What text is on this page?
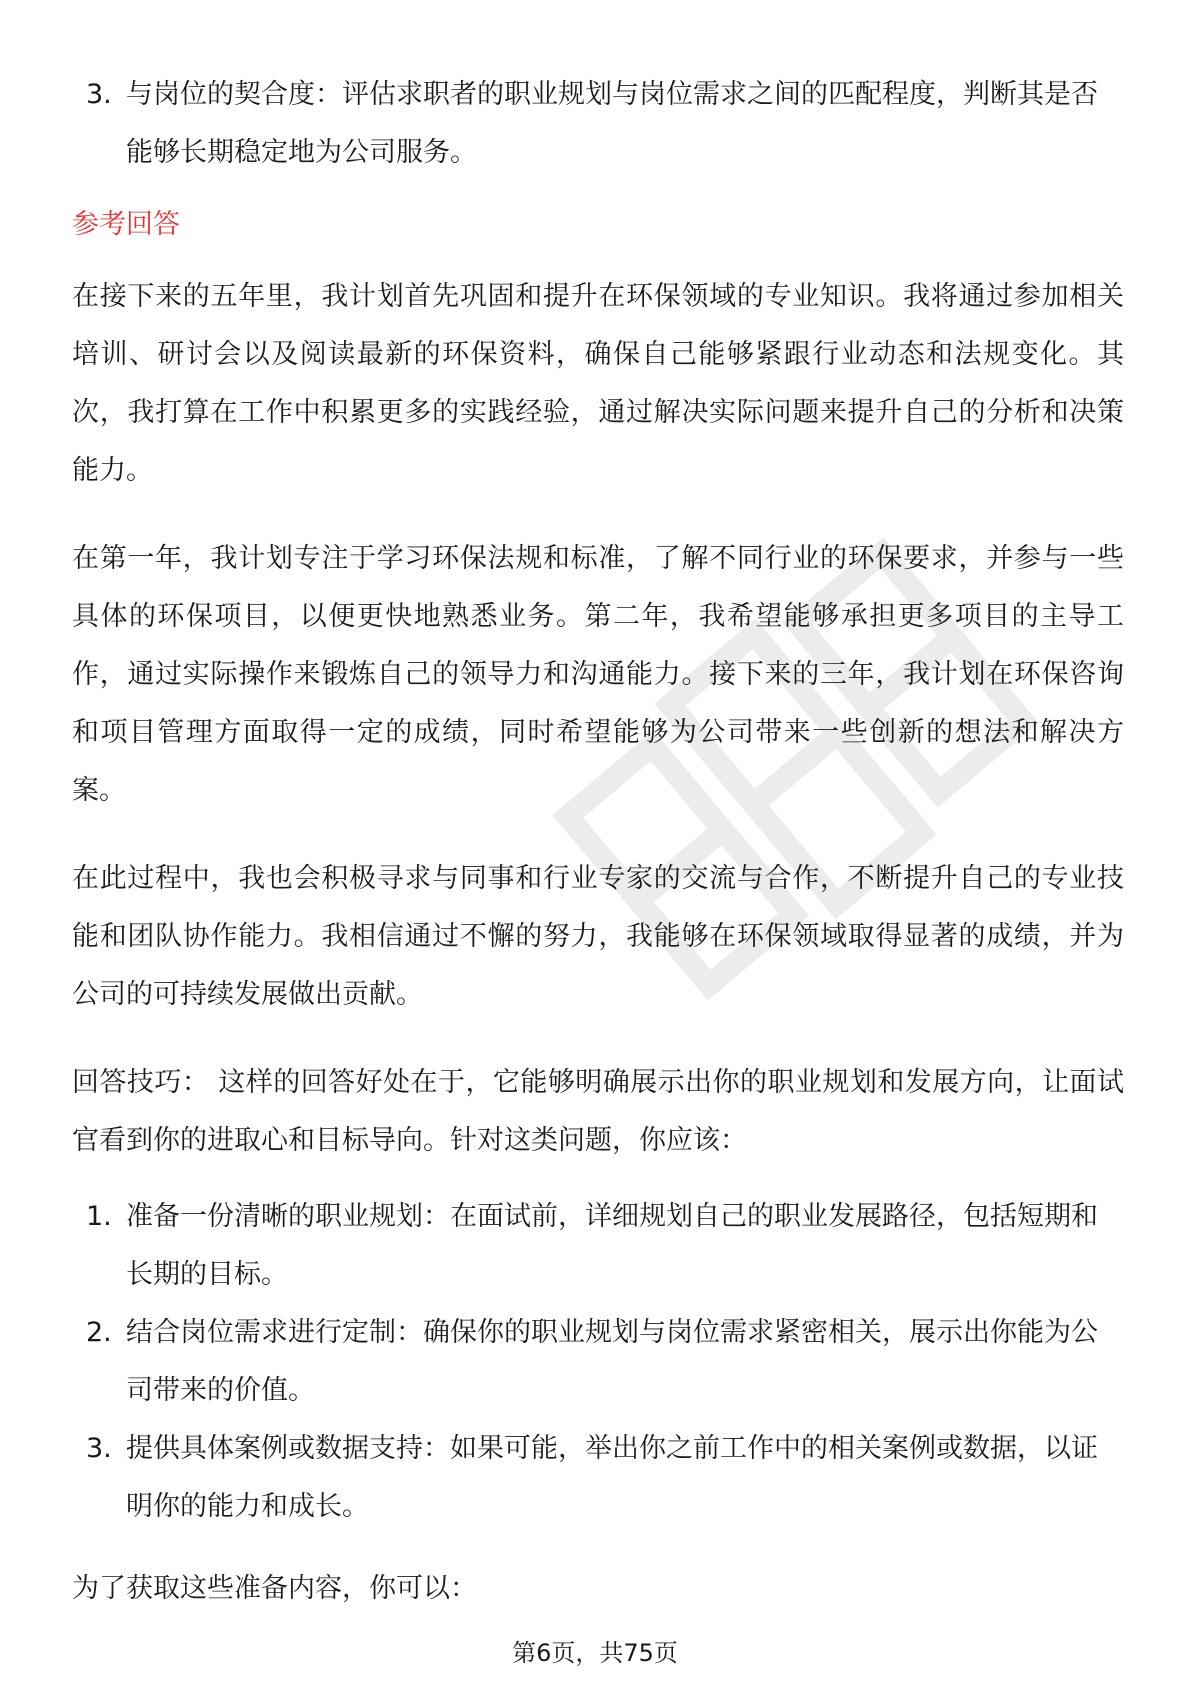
3. 与岗位的契合度：评估求职者的职业规划与岗位需求之间的匹配程度，判断其是否能够长期稳定地为公司服务。
参考回答

在接下来的五年里，我计划首先巩固和提升在环保领域的专业知识。我将通过参加相关培训、研讨会以及阅读最新的环保资料，确保自己能够紧跟行业动态和法规变化。其次，我打算在工作中积累更多的实践经验，通过解决实际问题来提升自己的分析和决策能力。

在第一年，我计划专注于学习环保法规和标准，了解不同行业的环保要求，并参与一些具体的环保项目，以便更快地熟悉业务。第二年，我希望能够承担更多项目的主导工作，通过实际操作来锻炼自己的领导力和沟通能力。接下来的三年，我计划在环保咨询和项目管理方面取得一定的成绩，同时希望能够为公司带来一些创新的想法和解决方案。

在此过程中，我也会积极寻求与同事和行业专家的交流与合作，不断提升自己的专业技能和团队协作能力。我相信通过不懈的努力，我能够在环保领域取得显著的成绩，并为公司的可持续发展做出贡献。

回答技巧： 这样的回答好处在于，它能够明确展示出你的职业规划和发展方向，让面试官看到你的进取心和目标导向。针对这类问题，你应该：

1. 准备一份清晰的职业规划：在面试前，详细规划自己的职业发展路径，包括短期和长期的目标。
2. 结合岗位需求进行定制：确保你的职业规划与岗位需求紧密相关，展示出你能为公司带来的价值。
3. 提供具体案例或数据支持：如果可能，举出你之前工作中的相关案例或数据，以证明你的能力和成长。

为了获取这些准备内容，你可以：

第6页，共75页
